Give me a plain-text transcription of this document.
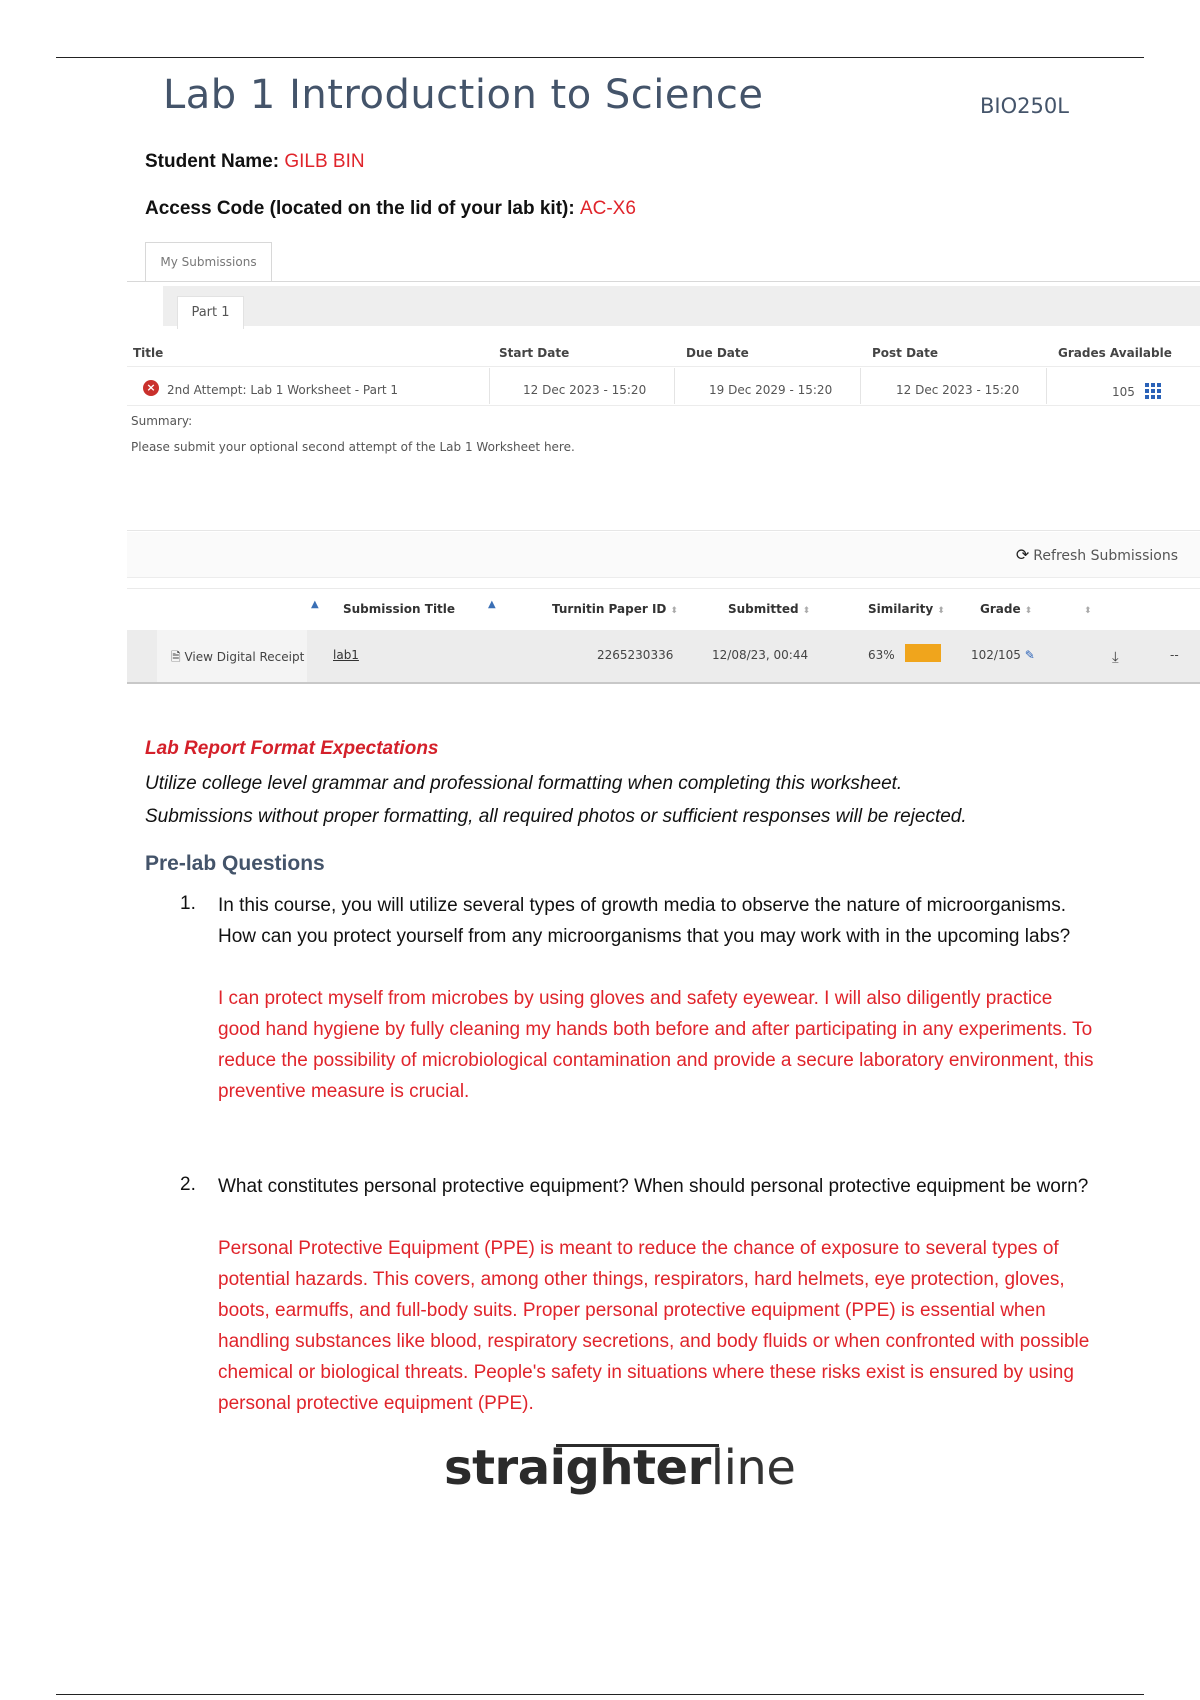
Lab 1 Introduction to Science	BIO250L
Student Name: GILB BIN
Access Code (located on the lid of your lab kit): AC-X6
My Submissions
Part 1
Title	Start Date	Due Date	Post Date	Grades Available
× 2nd Attempt: Lab 1 Worksheet - Part 1	12 Dec 2023 - 15:20	19 Dec 2029 - 15:20	12 Dec 2023 - 15:20	105
Summary:
Please submit your optional second attempt of the Lab 1 Worksheet here.
⟳ Refresh Submissions
▲ Submission Title	▲	Turnitin Paper ID ⬍	Submitted ⬍	Similarity ⬍	Grade ⬍	⬍
🗎 View Digital Receipt lab1	2265230336	12/08/23, 00:44	63%	102/105 ✎	⤓	--
Lab Report Format Expectations
Utilize college level grammar and professional formatting when completing this worksheet.
Submissions without proper formatting, all required photos or sufficient responses will be rejected.
Pre-lab Questions
1. In this course, you will utilize several types of growth media to observe the nature of microorganisms. How can you protect yourself from any microorganisms that you may work with in the upcoming labs?
I can protect myself from microbes by using gloves and safety eyewear. I will also diligently practice good hand hygiene by fully cleaning my hands both before and after participating in any experiments. To reduce the possibility of microbiological contamination and provide a secure laboratory environment, this preventive measure is crucial.
2. What constitutes personal protective equipment? When should personal protective equipment be worn?
Personal Protective Equipment (PPE) is meant to reduce the chance of exposure to several types of potential hazards. This covers, among other things, respirators, hard helmets, eye protection, gloves, boots, earmuffs, and full-body suits. Proper personal protective equipment (PPE) is essential when handling substances like blood, respiratory secretions, and body fluids or when confronted with possible chemical or biological threats. People's safety in situations where these risks exist is ensured by using personal protective equipment (PPE).
straighterline
